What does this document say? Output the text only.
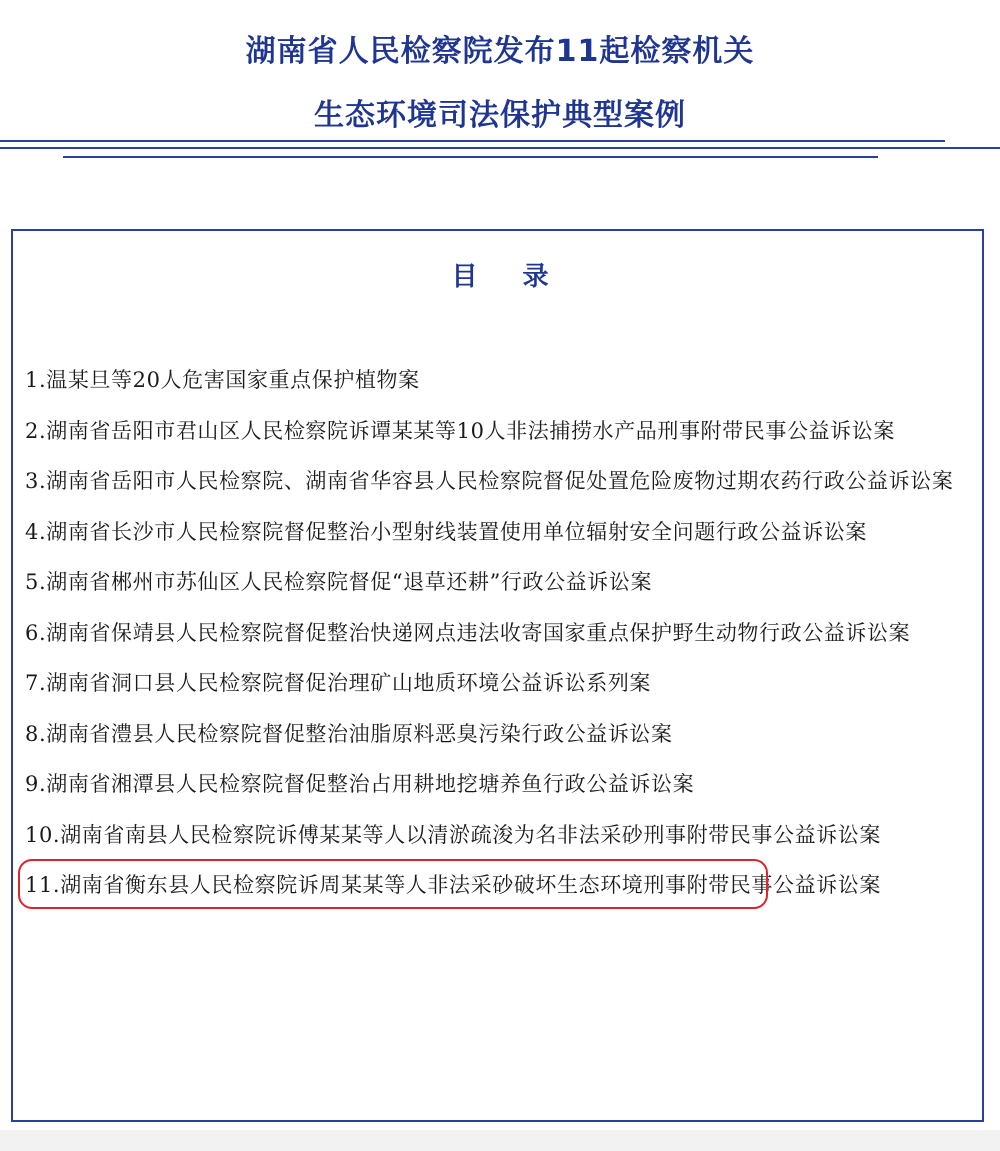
湖南省人民检察院发布11起检察机关
生态环境司法保护典型案例
目 录
1.温某旦等20人危害国家重点保护植物案
2.湖南省岳阳市君山区人民检察院诉谭某某等10人非法捕捞水产品刑事附带民事公益诉讼案
3.湖南省岳阳市人民检察院、湖南省华容县人民检察院督促处置危险废物过期农药行政公益诉讼案
4.湖南省长沙市人民检察院督促整治小型射线装置使用单位辐射安全问题行政公益诉讼案
5.湖南省郴州市苏仙区人民检察院督促“退草还耕”行政公益诉讼案
6.湖南省保靖县人民检察院督促整治快递网点违法收寄国家重点保护野生动物行政公益诉讼案
7.湖南省洞口县人民检察院督促治理矿山地质环境公益诉讼系列案
8.湖南省澧县人民检察院督促整治油脂原料恶臭污染行政公益诉讼案
9.湖南省湘潭县人民检察院督促整治占用耕地挖塘养鱼行政公益诉讼案
10.湖南省南县人民检察院诉傅某某等人以清淤疏浚为名非法采砂刑事附带民事公益诉讼案
11.湖南省衡东县人民检察院诉周某某等人非法采砂破坏生态环境刑事附带民事公益诉讼案
